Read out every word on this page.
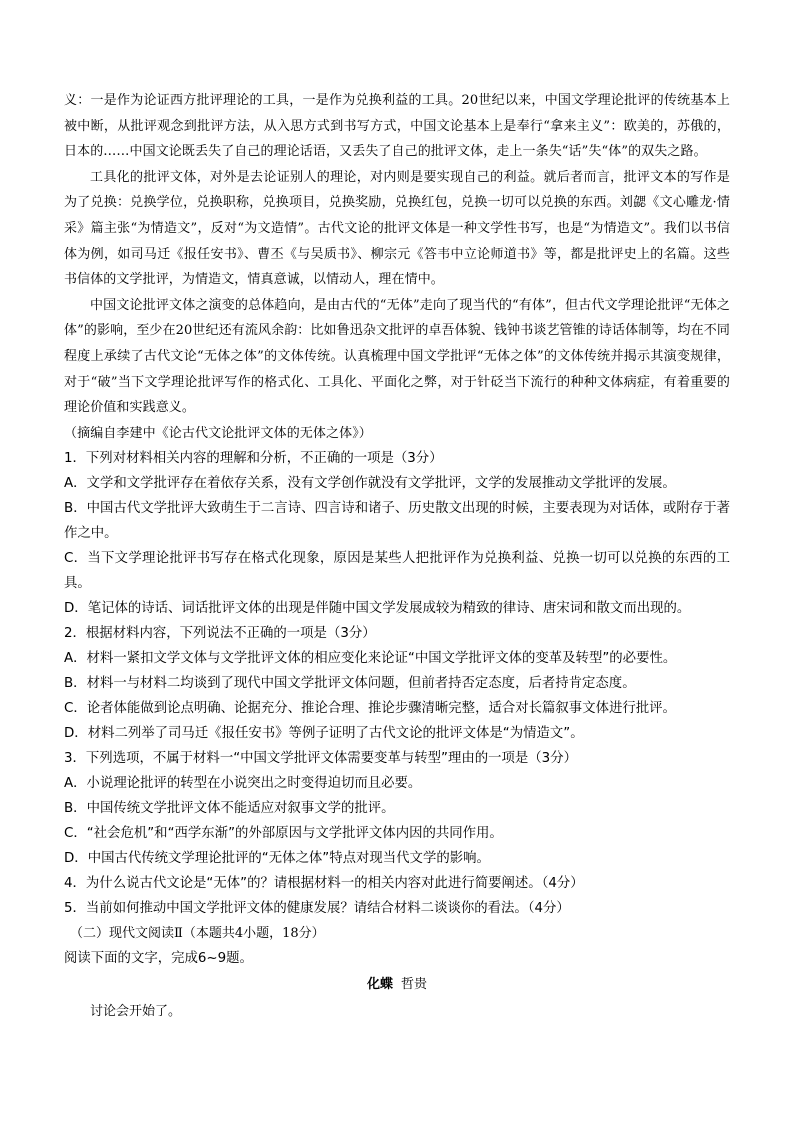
义：一是作为论证西方批评理论的工具，一是作为兑换利益的工具。20世纪以来，中国文学理论批评的传统基本上被中断，从批评观念到批评方法，从入思方式到书写方式，中国文论基本上是奉行“拿来主义”：欧美的，苏俄的，日本的……中国文论既丢失了自己的理论话语，又丢失了自己的批评文体，走上一条失“话”失“体”的双失之路。

工具化的批评文体，对外是去论证别人的理论，对内则是要实现自己的利益。就后者而言，批评文本的写作是为了兑换：兑换学位，兑换职称，兑换项目，兑换奖励，兑换红包，兑换一切可以兑换的东西。刘勰《文心雕龙·情采》篇主张“为情造文”，反对“为文造情”。古代文论的批评文体是一种文学性书写，也是“为情造文”。我们以书信体为例，如司马迁《报任安书》、曹丕《与吴质书》、柳宗元《答韦中立论师道书》等，都是批评史上的名篇。这些书信体的文学批评，为情造文，情真意诚，以情动人，理在情中。

中国文论批评文体之演变的总体趋向，是由古代的“无体”走向了现当代的“有体”，但古代文学理论批评“无体之体”的影响，至少在20世纪还有流风余韵：比如鲁迅杂文批评的卓吾体貌、钱钟书谈艺管锥的诗话体制等，均在不同程度上承续了古代文论“无体之体”的文体传统。认真梳理中国文学批评“无体之体”的文体传统并揭示其演变规律，对于“破”当下文学理论批评写作的格式化、工具化、平面化之弊，对于针砭当下流行的种种文体病症，有着重要的理论价值和实践意义。

（摘编自李建中《论古代文论批评文体的无体之体》）

1．下列对材料相关内容的理解和分析，不正确的一项是（3分）

A．文学和文学批评存在着依存关系，没有文学创作就没有文学批评，文学的发展推动文学批评的发展。

B．中国古代文学批评大致萌生于二言诗、四言诗和诸子、历史散文出现的时候，主要表现为对话体，或附存于著作之中。

C．当下文学理论批评书写存在格式化现象，原因是某些人把批评作为兑换利益、兑换一切可以兑换的东西的工具。

D．笔记体的诗话、词话批评文体的出现是伴随中国文学发展成较为精致的律诗、唐宋词和散文而出现的。

2．根据材料内容，下列说法不正确的一项是（3分）

A．材料一紧扣文学文体与文学批评文体的相应变化来论证“中国文学批评文体的变革及转型”的必要性。

B．材料一与材料二均谈到了现代中国文学批评文体问题，但前者持否定态度，后者持肯定态度。

C．论者体能做到论点明确、论据充分、推论合理、推论步骤清晰完整，适合对长篇叙事文体进行批评。

D．材料二列举了司马迁《报任安书》等例子证明了古代文论的批评文体是“为情造文”。

3．下列选项，不属于材料一“中国文学批评文体需要变革与转型”理由的一项是（3分）

A．小说理论批评的转型在小说突出之时变得迫切而且必要。

B．中国传统文学批评文体不能适应对叙事文学的批评。

C．“社会危机”和“西学东渐”的外部原因与文学批评文体内因的共同作用。

D．中国古代传统文学理论批评的“无体之体”特点对现当代文学的影响。

4．为什么说古代文论是“无体”的？请根据材料一的相关内容对此进行简要阐述。（4分）

5．当前如何推动中国文学批评文体的健康发展？请结合材料二谈谈你的看法。（4分）

（二）现代文阅读Ⅱ（本题共4小题，18分）

阅读下面的文字，完成6~9题。

化蝶 哲贵

讨论会开始了。
